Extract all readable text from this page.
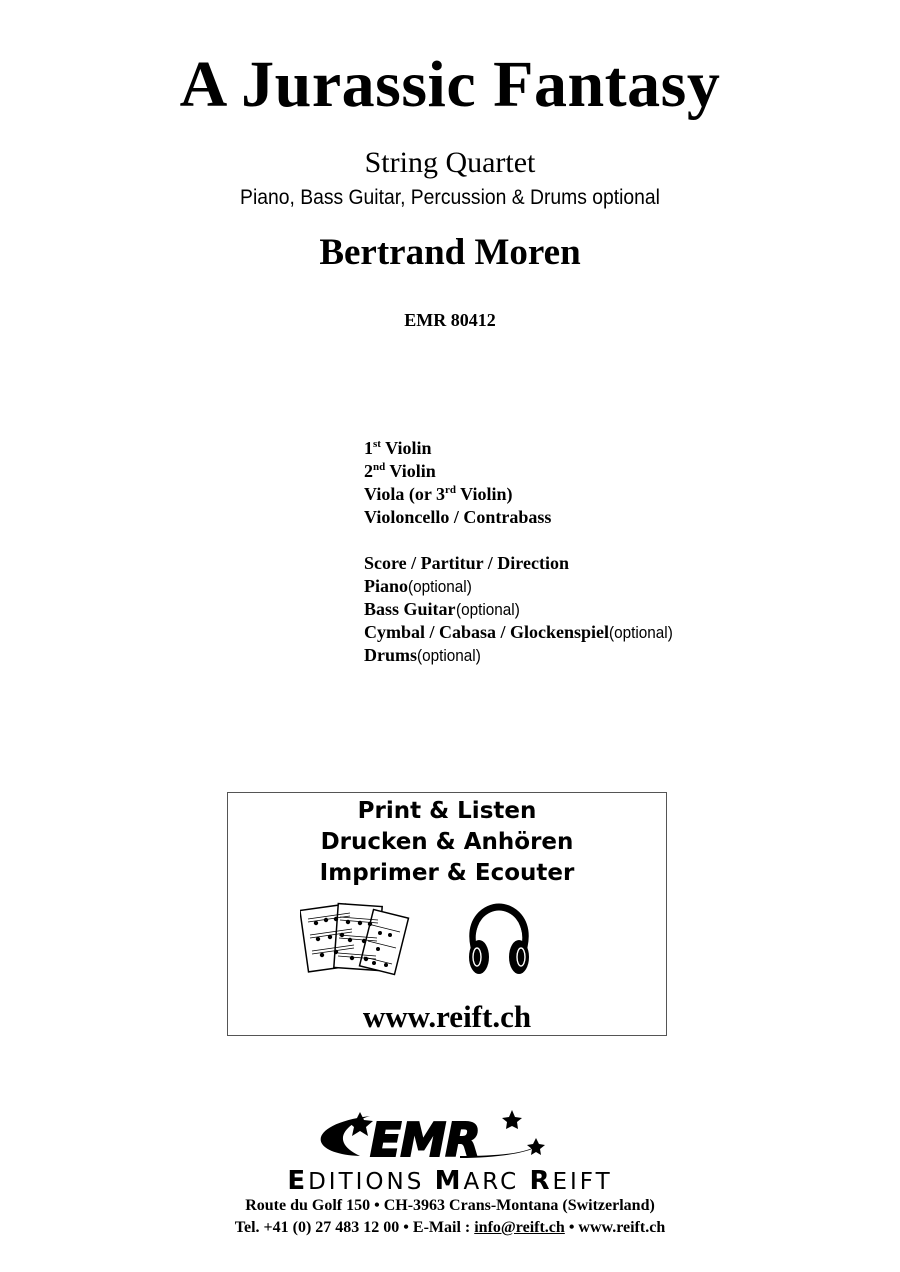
A Jurassic Fantasy
String Quartet
Piano, Bass Guitar, Percussion & Drums optional
Bertrand Moren
EMR 80412
1st Violin
2nd Violin
Viola (or 3rd Violin)
Violoncello / Contrabass
Score / Partitur / Direction
Piano(optional)
Bass Guitar(optional)
Cymbal / Cabasa / Glockenspiel(optional)
Drums(optional)
Print & Listen
Drucken & Anhören
Imprimer & Ecouter
www.reift.ch
EMR
EDITIONS MARC REIFT
Route du Golf 150 • CH-3963 Crans-Montana (Switzerland)
Tel. +41 (0) 27 483 12 00 • E-Mail : info@reift.ch • www.reift.ch
